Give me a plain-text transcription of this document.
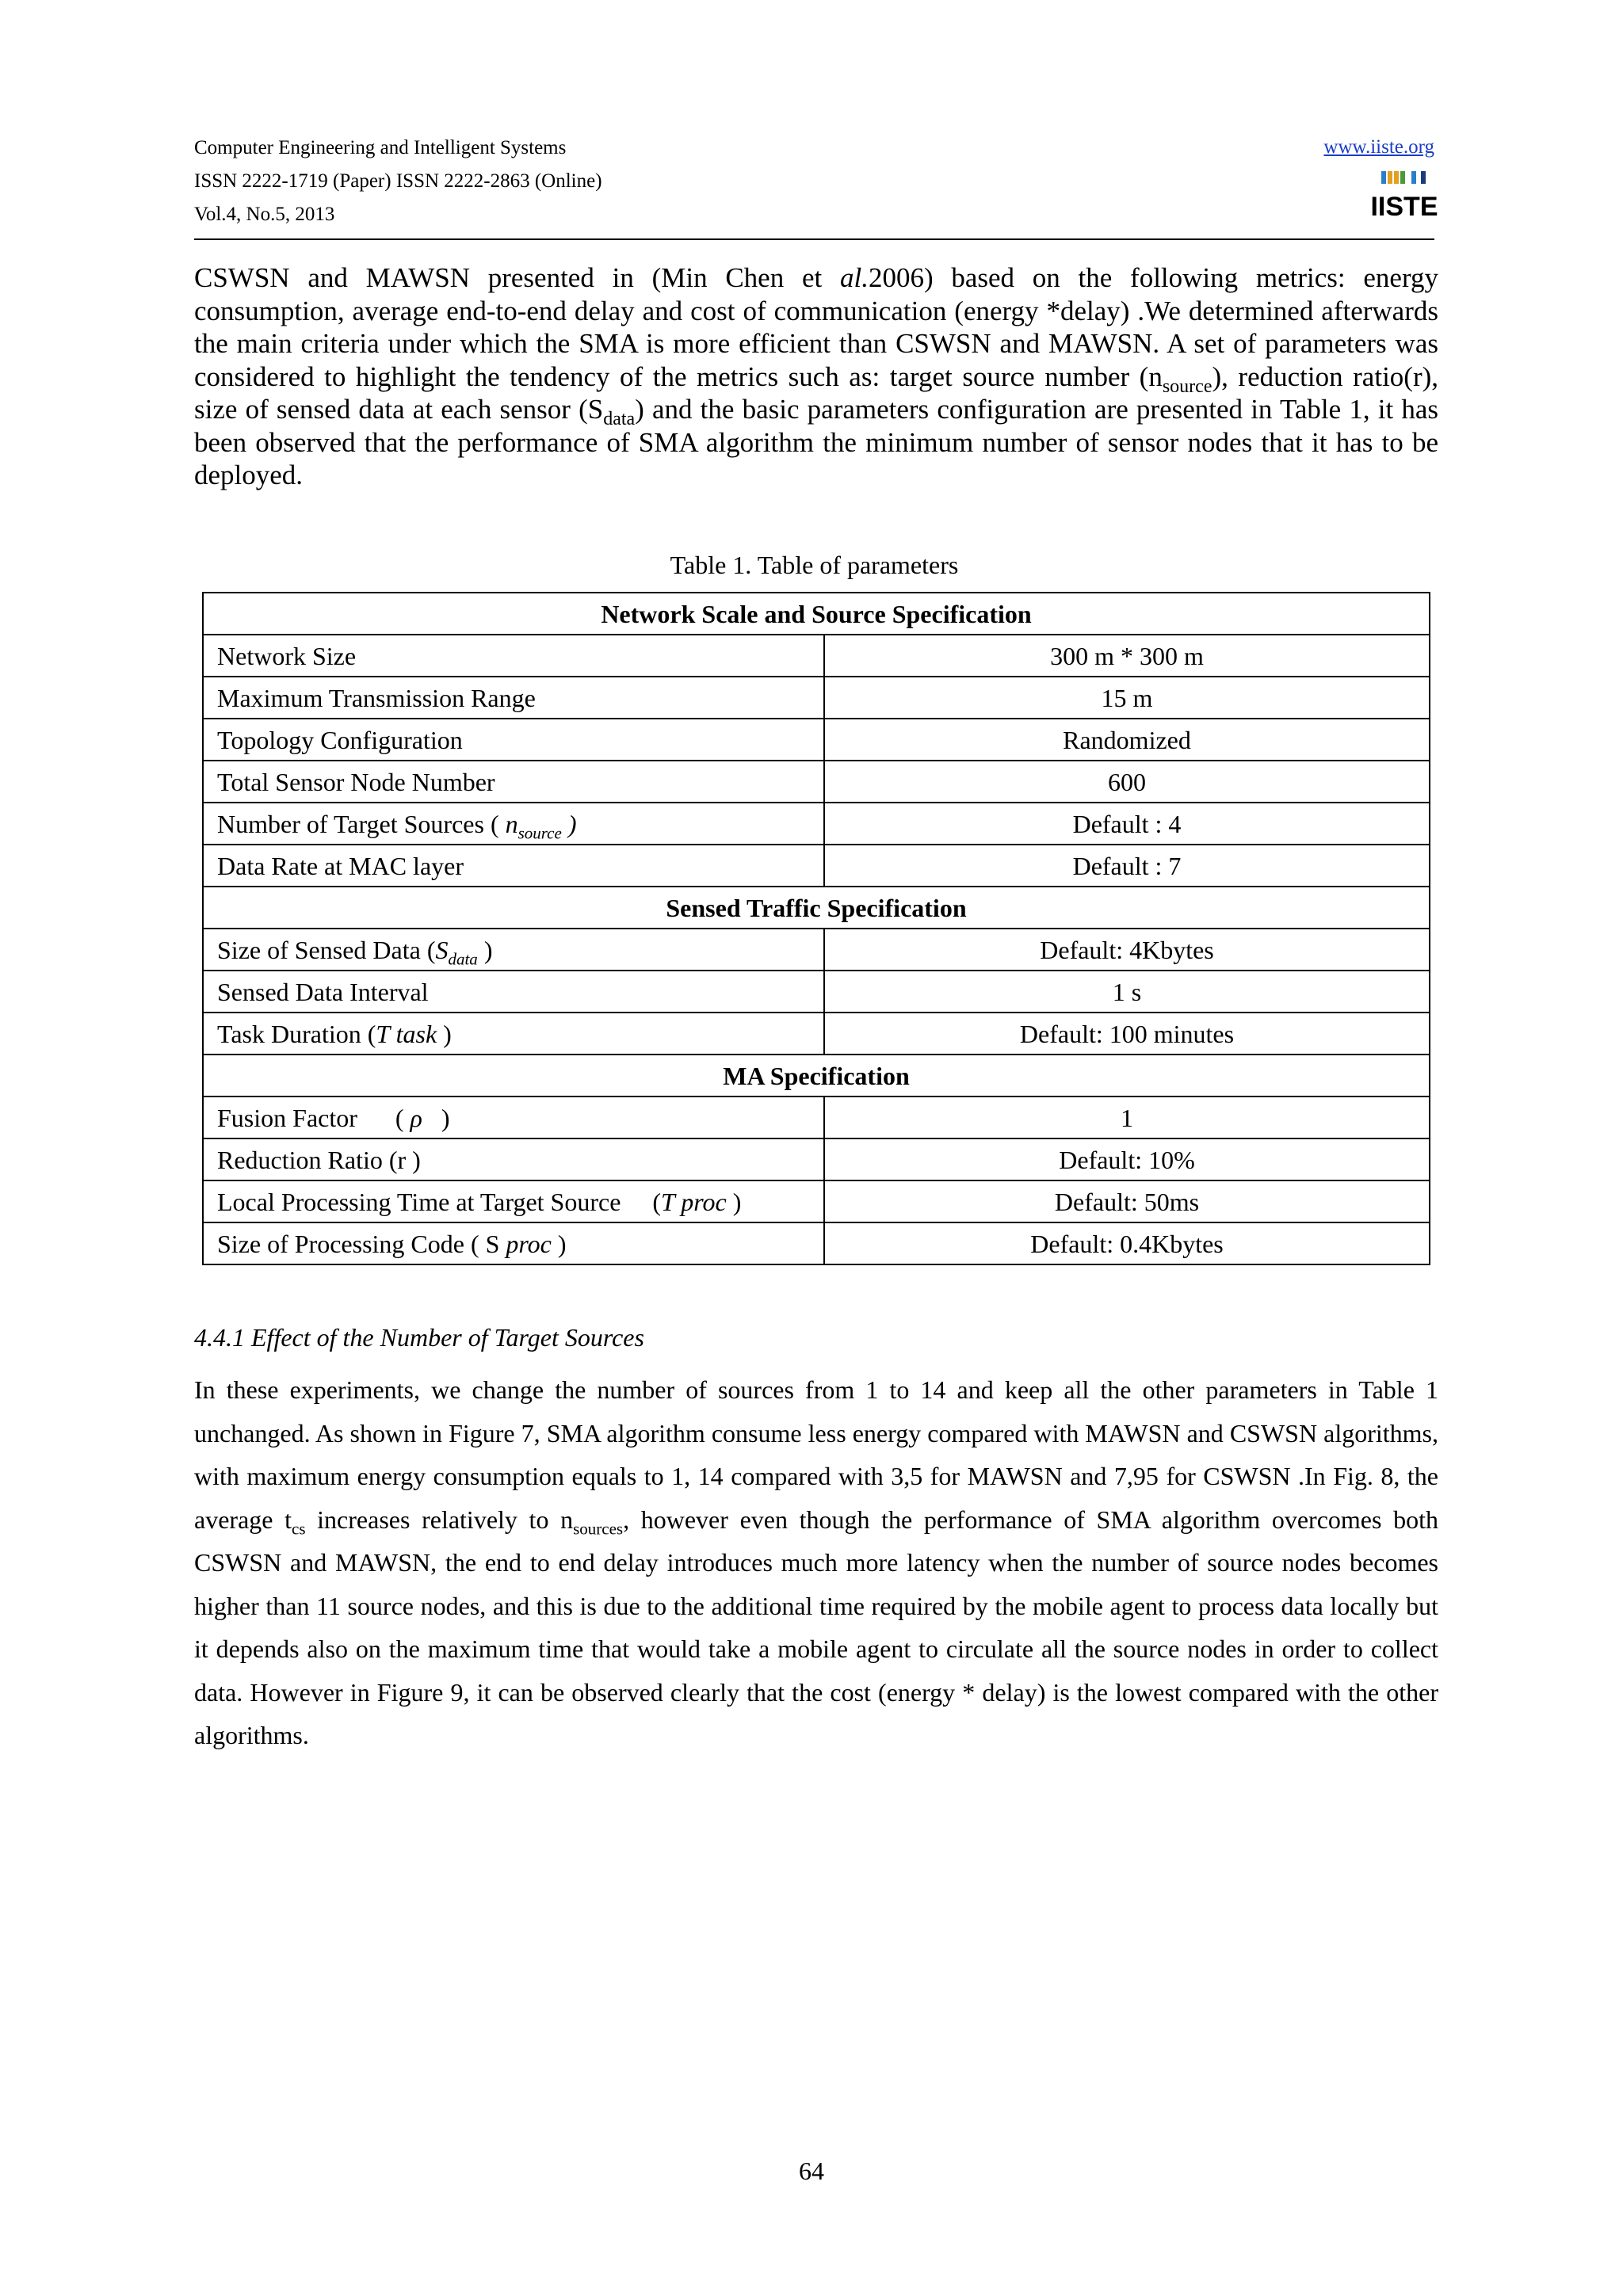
Computer Engineering and Intelligent Systems
ISSN 2222-1719 (Paper) ISSN 2222-2863 (Online)
Vol.4, No.5, 2013
www.iiste.org
IISTE
CSWSN and MAWSN presented in (Min Chen et al.2006) based on the following metrics: energy consumption, average end-to-end delay and cost of communication (energy *delay) .We determined afterwards the main criteria under which the SMA is more efficient than CSWSN and MAWSN. A set of parameters was considered to highlight the tendency of the metrics such as: target source number $(n_{source})$, reduction ratio(r), size of sensed data at each sensor $(S_{data})$ and the basic parameters configuration are presented in Table 1, it has been observed that the performance of SMA algorithm the minimum number of sensor nodes that it has to be deployed.
Table 1. Table of parameters
Network Scale and Source Specification	
Network Size	300 m * 300 m
Maximum Transmission Range	15 m
Topology Configuration	Randomized
Total Sensor Node Number	600
Number of Target Sources ( $n_{source}$ )	Default : 4
Data Rate at MAC layer	Default : 7
Sensed Traffic Specification	
Size of Sensed Data ($S_{data}$ )	Default: 4Kbytes
Sensed Data Interval	1 s
Task Duration (T task )	Default: 100 minutes
MA Specification	
Fusion Factor      ( ρ   )	1
Reduction Ratio (r )	Default: 10%
Local Processing Time at Target Source     (T proc )	Default: 50ms
Size of Processing Code ( S proc )	Default: 0.4Kbytes
4.4.1 Effect of the Number of Target Sources
In these experiments, we change the number of sources from 1 to 14 and keep all the other parameters in Table 1 unchanged. As shown in Figure 7, SMA algorithm consume less energy compared with MAWSN and CSWSN algorithms, with maximum energy consumption equals to 1, 14 compared with 3,5 for MAWSN and 7,95 for CSWSN .In Fig. 8, the average $t_{cs}$ increases relatively to $n_{sources}$, however even though the performance of SMA algorithm overcomes both CSWSN and MAWSN, the end to end delay introduces much more latency when the number of source nodes becomes higher than 11 source nodes, and this is due to the additional time required by the mobile agent to process data locally but it depends also on the maximum time that would take a mobile agent to circulate all the source nodes in order to collect data. However in Figure 9, it can be observed clearly that the cost (energy * delay) is the lowest compared with the other algorithms.
64
